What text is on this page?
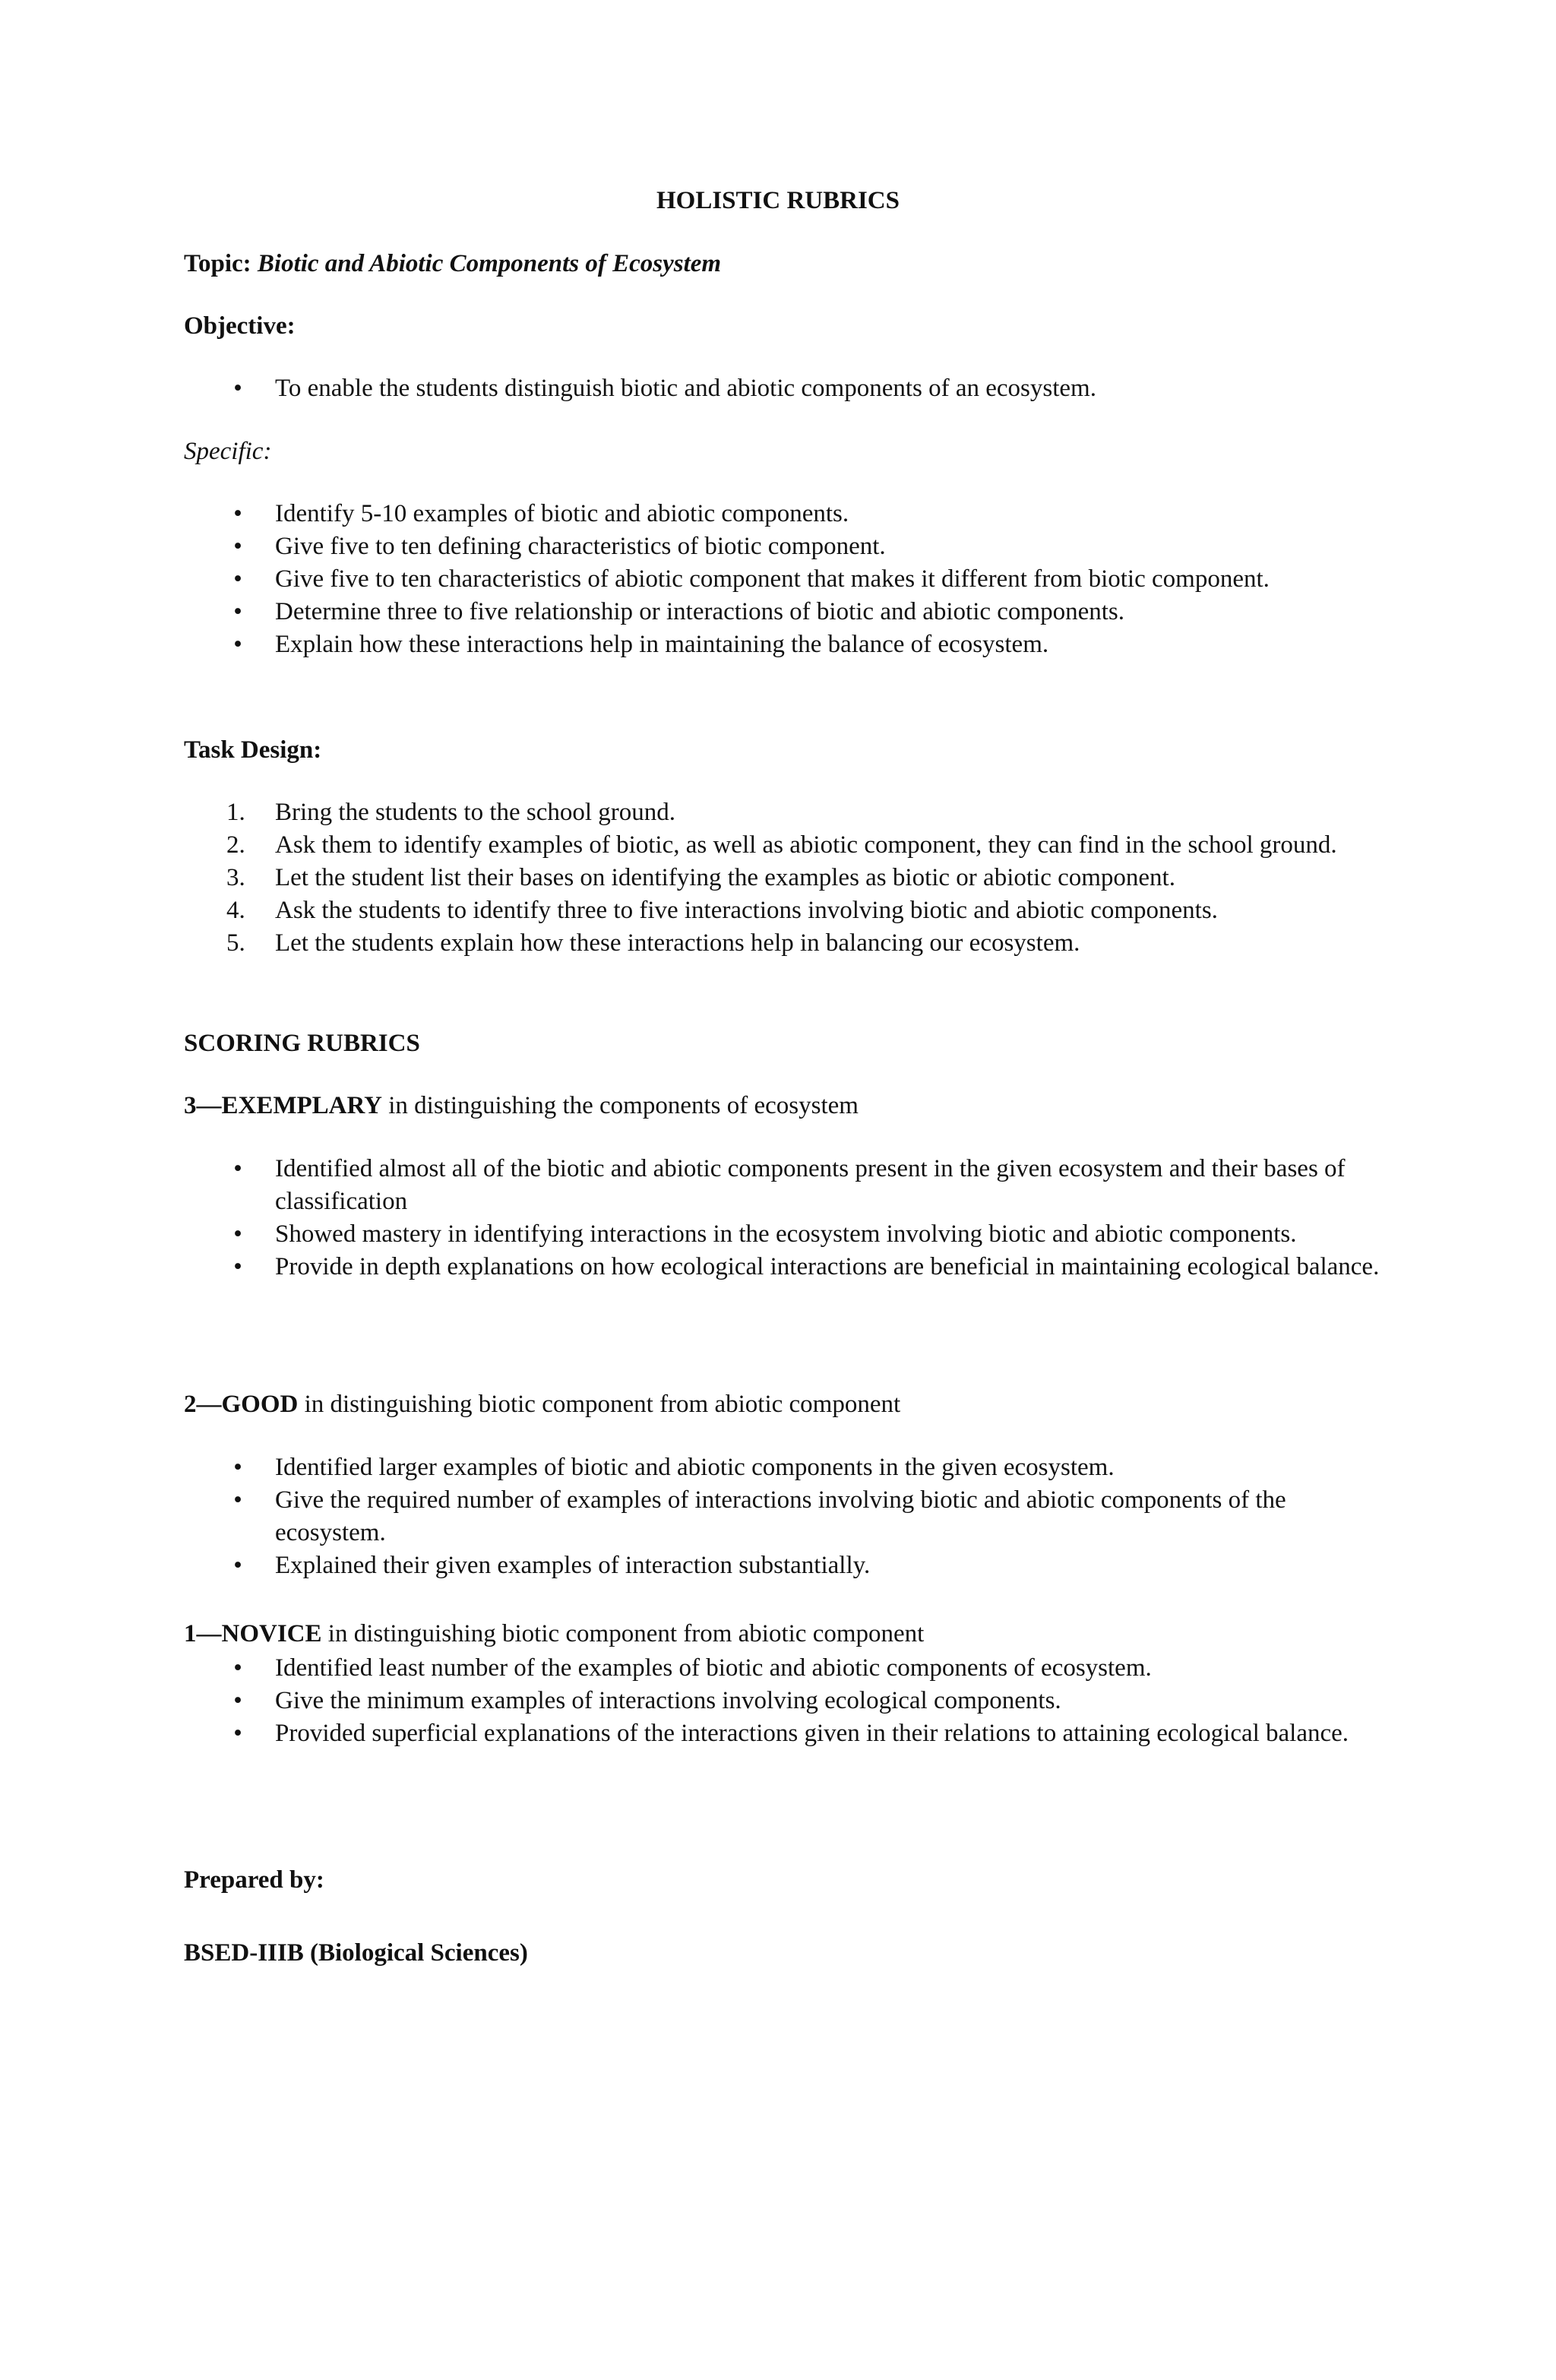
HOLISTIC RUBRICS
Topic: Biotic and Abiotic Components of Ecosystem
Objective:
• To enable the students distinguish biotic and abiotic components of an ecosystem.
Specific:
• Identify 5-10 examples of biotic and abiotic components.
• Give five to ten defining characteristics of biotic component.
• Give five to ten characteristics of abiotic component that makes it different from biotic component.
• Determine three to five relationship or interactions of biotic and abiotic components.
• Explain how these interactions help in maintaining the balance of ecosystem.
Task Design:
1.	Bring the students to the school ground.
2.	Ask them to identify examples of biotic, as well as abiotic component, they can find in the school ground.
3.	Let the student list their bases on identifying the examples as biotic or abiotic component.
4.	Ask the students to identify three to five interactions involving biotic and abiotic components.
5.	Let the students explain how these interactions help in balancing our ecosystem.
SCORING RUBRICS
3—EXEMPLARY in distinguishing the components of ecosystem
• Identified almost all of the biotic and abiotic components present in the given ecosystem and their bases of classification
• Showed mastery in identifying interactions in the ecosystem involving biotic and abiotic components.
• Provide in depth explanations on how ecological interactions are beneficial in maintaining ecological balance.
2—GOOD in distinguishing biotic component from abiotic component
• Identified larger examples of biotic and abiotic components in the given ecosystem.
• Give the required number of examples of interactions involving biotic and abiotic components of the ecosystem.
• Explained their given examples of interaction substantially.
1—NOVICE in distinguishing biotic component from abiotic component
• Identified least number of the examples of biotic and abiotic components of ecosystem.
• Give the minimum examples of interactions involving ecological components.
• Provided superficial explanations of the interactions given in their relations to attaining ecological balance.
Prepared by:
BSED-IIIB (Biological Sciences)
